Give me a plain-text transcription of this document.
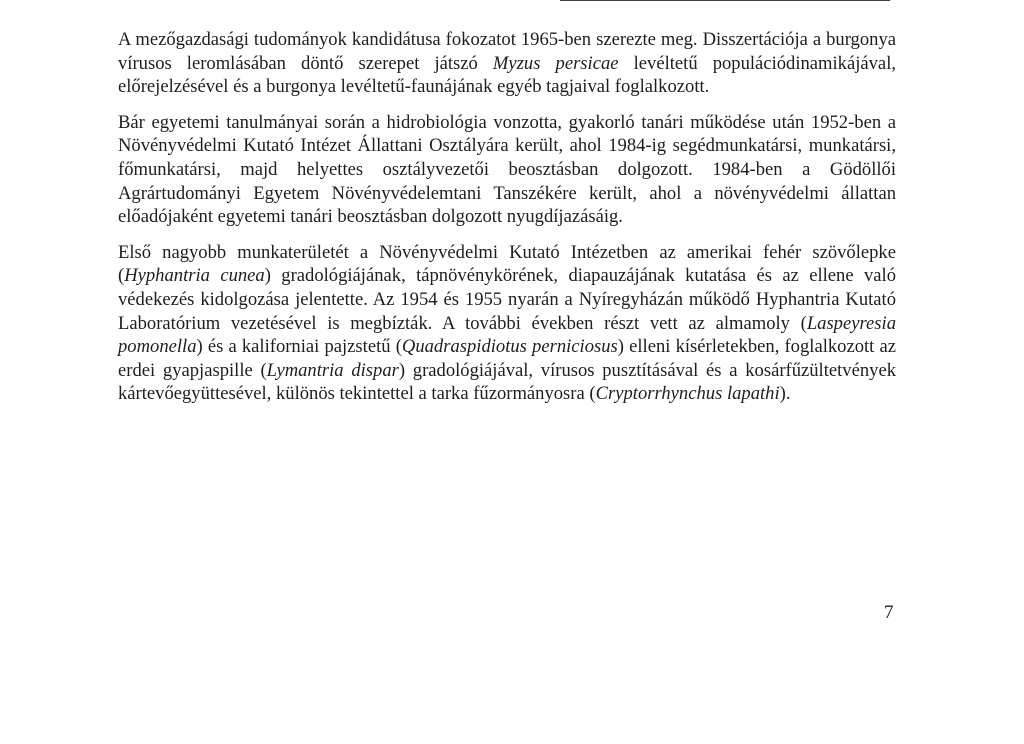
A mezőgazdasági tudományok kandidátusa fokozatot 1965-ben szerezte meg. Disszertációja a burgonya vírusos leromlásában döntő szerepet játszó Myzus persicae levéltetű populációdinamikájával, előrejelzésével és a burgonya levéltetű-faunájának egyéb tagjaival foglalkozott.

Bár egyetemi tanulmányai során a hidrobiológia vonzotta, gyakorló tanári működése után 1952-ben a Növényvédelmi Kutató Intézet Állattani Osztályára került, ahol 1984-ig segédmunkatársi, munkatársi, főmunkatársi, majd helyettes osztályvezetői beosztásban dolgozott. 1984-ben a Gödöllői Agrártudományi Egyetem Növényvédelemtani Tanszékére került, ahol a növényvédelmi állattan előadójaként egyetemi tanári beosztásban dolgozott nyugdíjazásáig.

Első nagyobb munkaterületét a Növényvédelmi Kutató Intézetben az amerikai fehér szövőlepke (Hyphantria cunea) gradológiájának, tápnövénykörének, diapauzájának kutatása és az ellene való védekezés kidolgozása jelentette. Az 1954 és 1955 nyarán a Nyíregyházán működő Hyphantria Kutató Laboratórium vezetésével is megbízták. A további években részt vett az almamoly (Laspeyresia pomonella) és a kaliforniai pajzstetű (Quadraspidiotus perniciosus) elleni kísérletekben, foglalkozott az erdei gyapjaspille (Lymantria dispar) gradológiájával, vírusos pusztításával és a kosárfűzültetvények kártevőegyüttesével, különös tekintettel a tarka fűzormányosra (Cryptorrhynchus lapathi).

7
